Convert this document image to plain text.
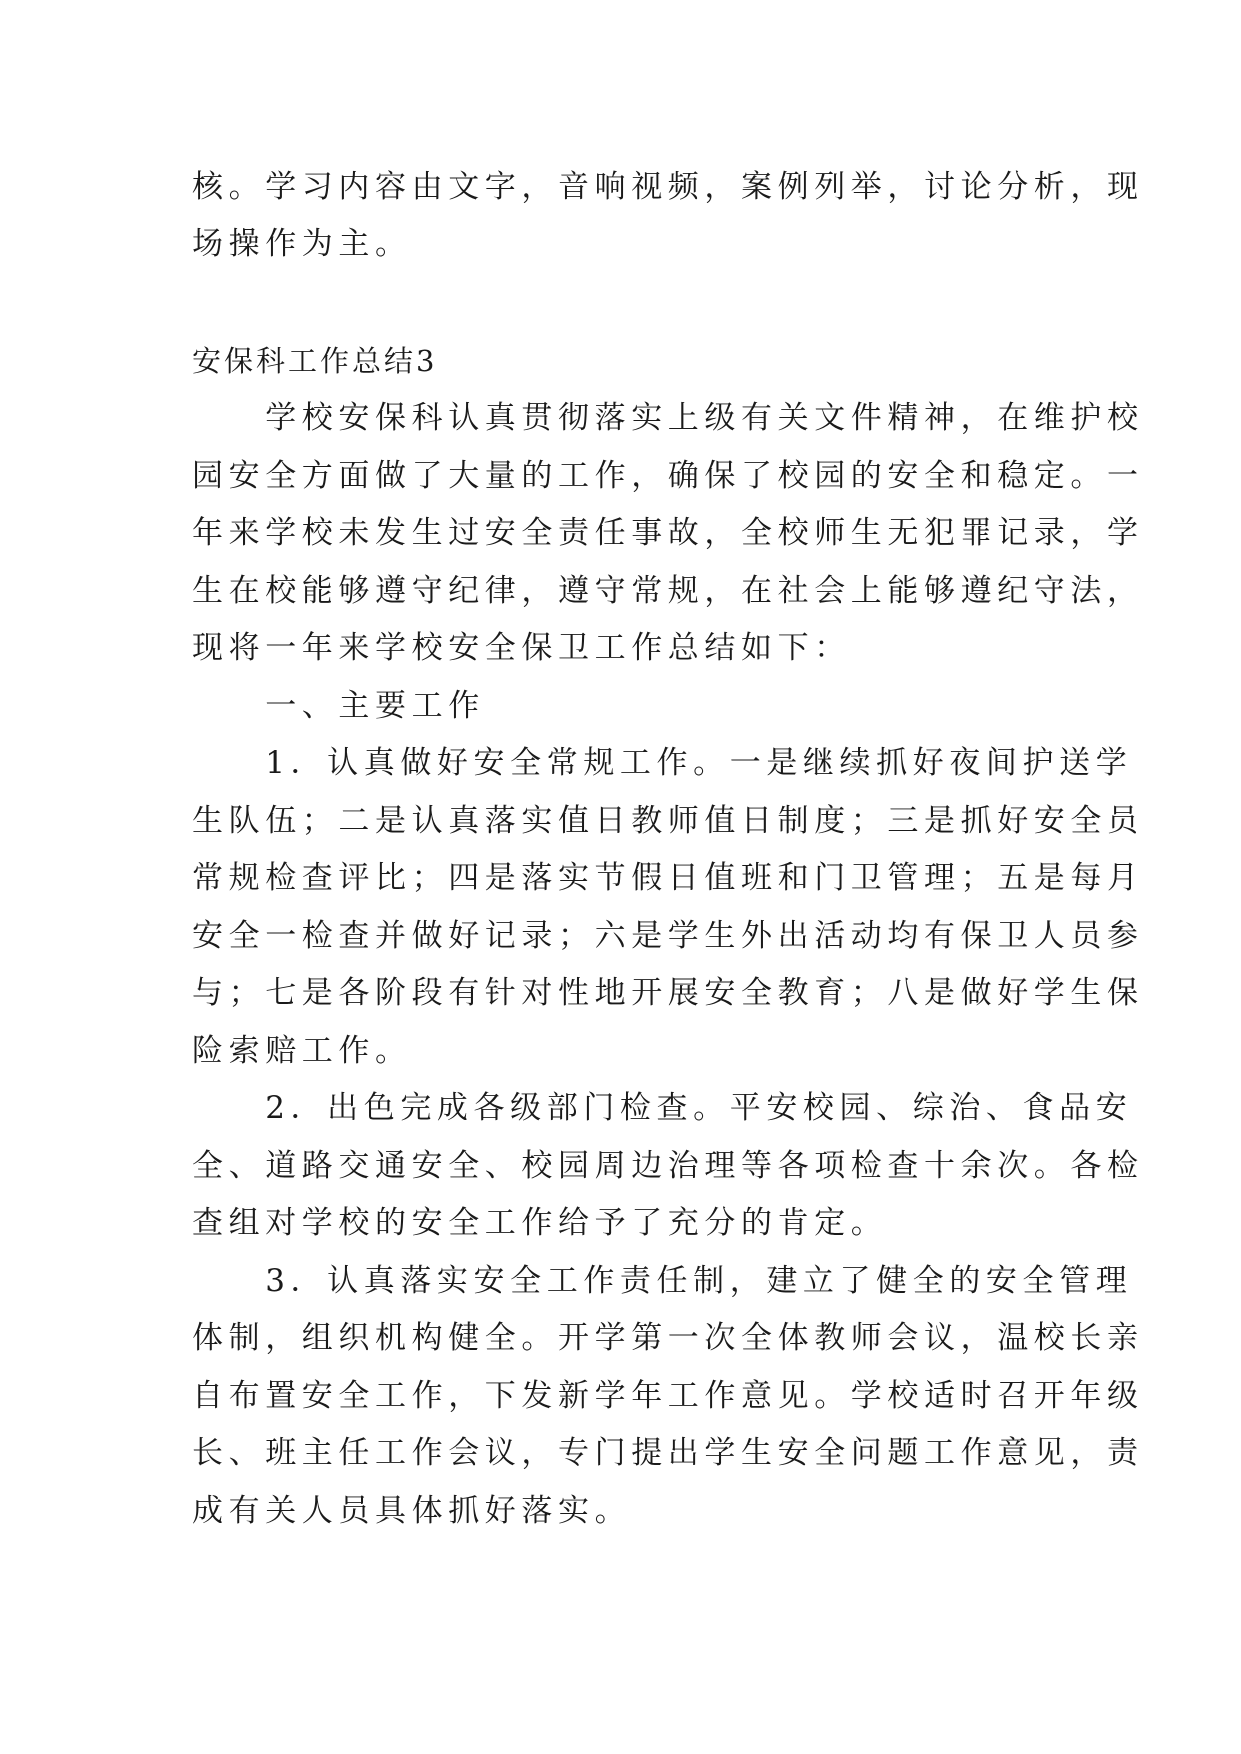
核。学习内容由文字，音响视频，案例列举，讨论分析，现

场操作为主。

安保科工作总结3

　　学校安保科认真贯彻落实上级有关文件精神，在维护校

园安全方面做了大量的工作，确保了校园的安全和稳定。一

年来学校未发生过安全责任事故，全校师生无犯罪记录，学

生在校能够遵守纪律，遵守常规，在社会上能够遵纪守法，

现将一年来学校安全保卫工作总结如下：

　　一、主要工作

　　1．认真做好安全常规工作。一是继续抓好夜间护送学

生队伍；二是认真落实值日教师值日制度；三是抓好安全员

常规检查评比；四是落实节假日值班和门卫管理；五是每月

安全一检查并做好记录；六是学生外出活动均有保卫人员参

与；七是各阶段有针对性地开展安全教育；八是做好学生保

险索赔工作。

　　2．出色完成各级部门检查。平安校园、综治、食品安

全、道路交通安全、校园周边治理等各项检查十余次。各检

查组对学校的安全工作给予了充分的肯定。

　　3．认真落实安全工作责任制，建立了健全的安全管理

体制，组织机构健全。开学第一次全体教师会议，温校长亲

自布置安全工作，下发新学年工作意见。学校适时召开年级

长、班主任工作会议，专门提出学生安全问题工作意见，责

成有关人员具体抓好落实。
